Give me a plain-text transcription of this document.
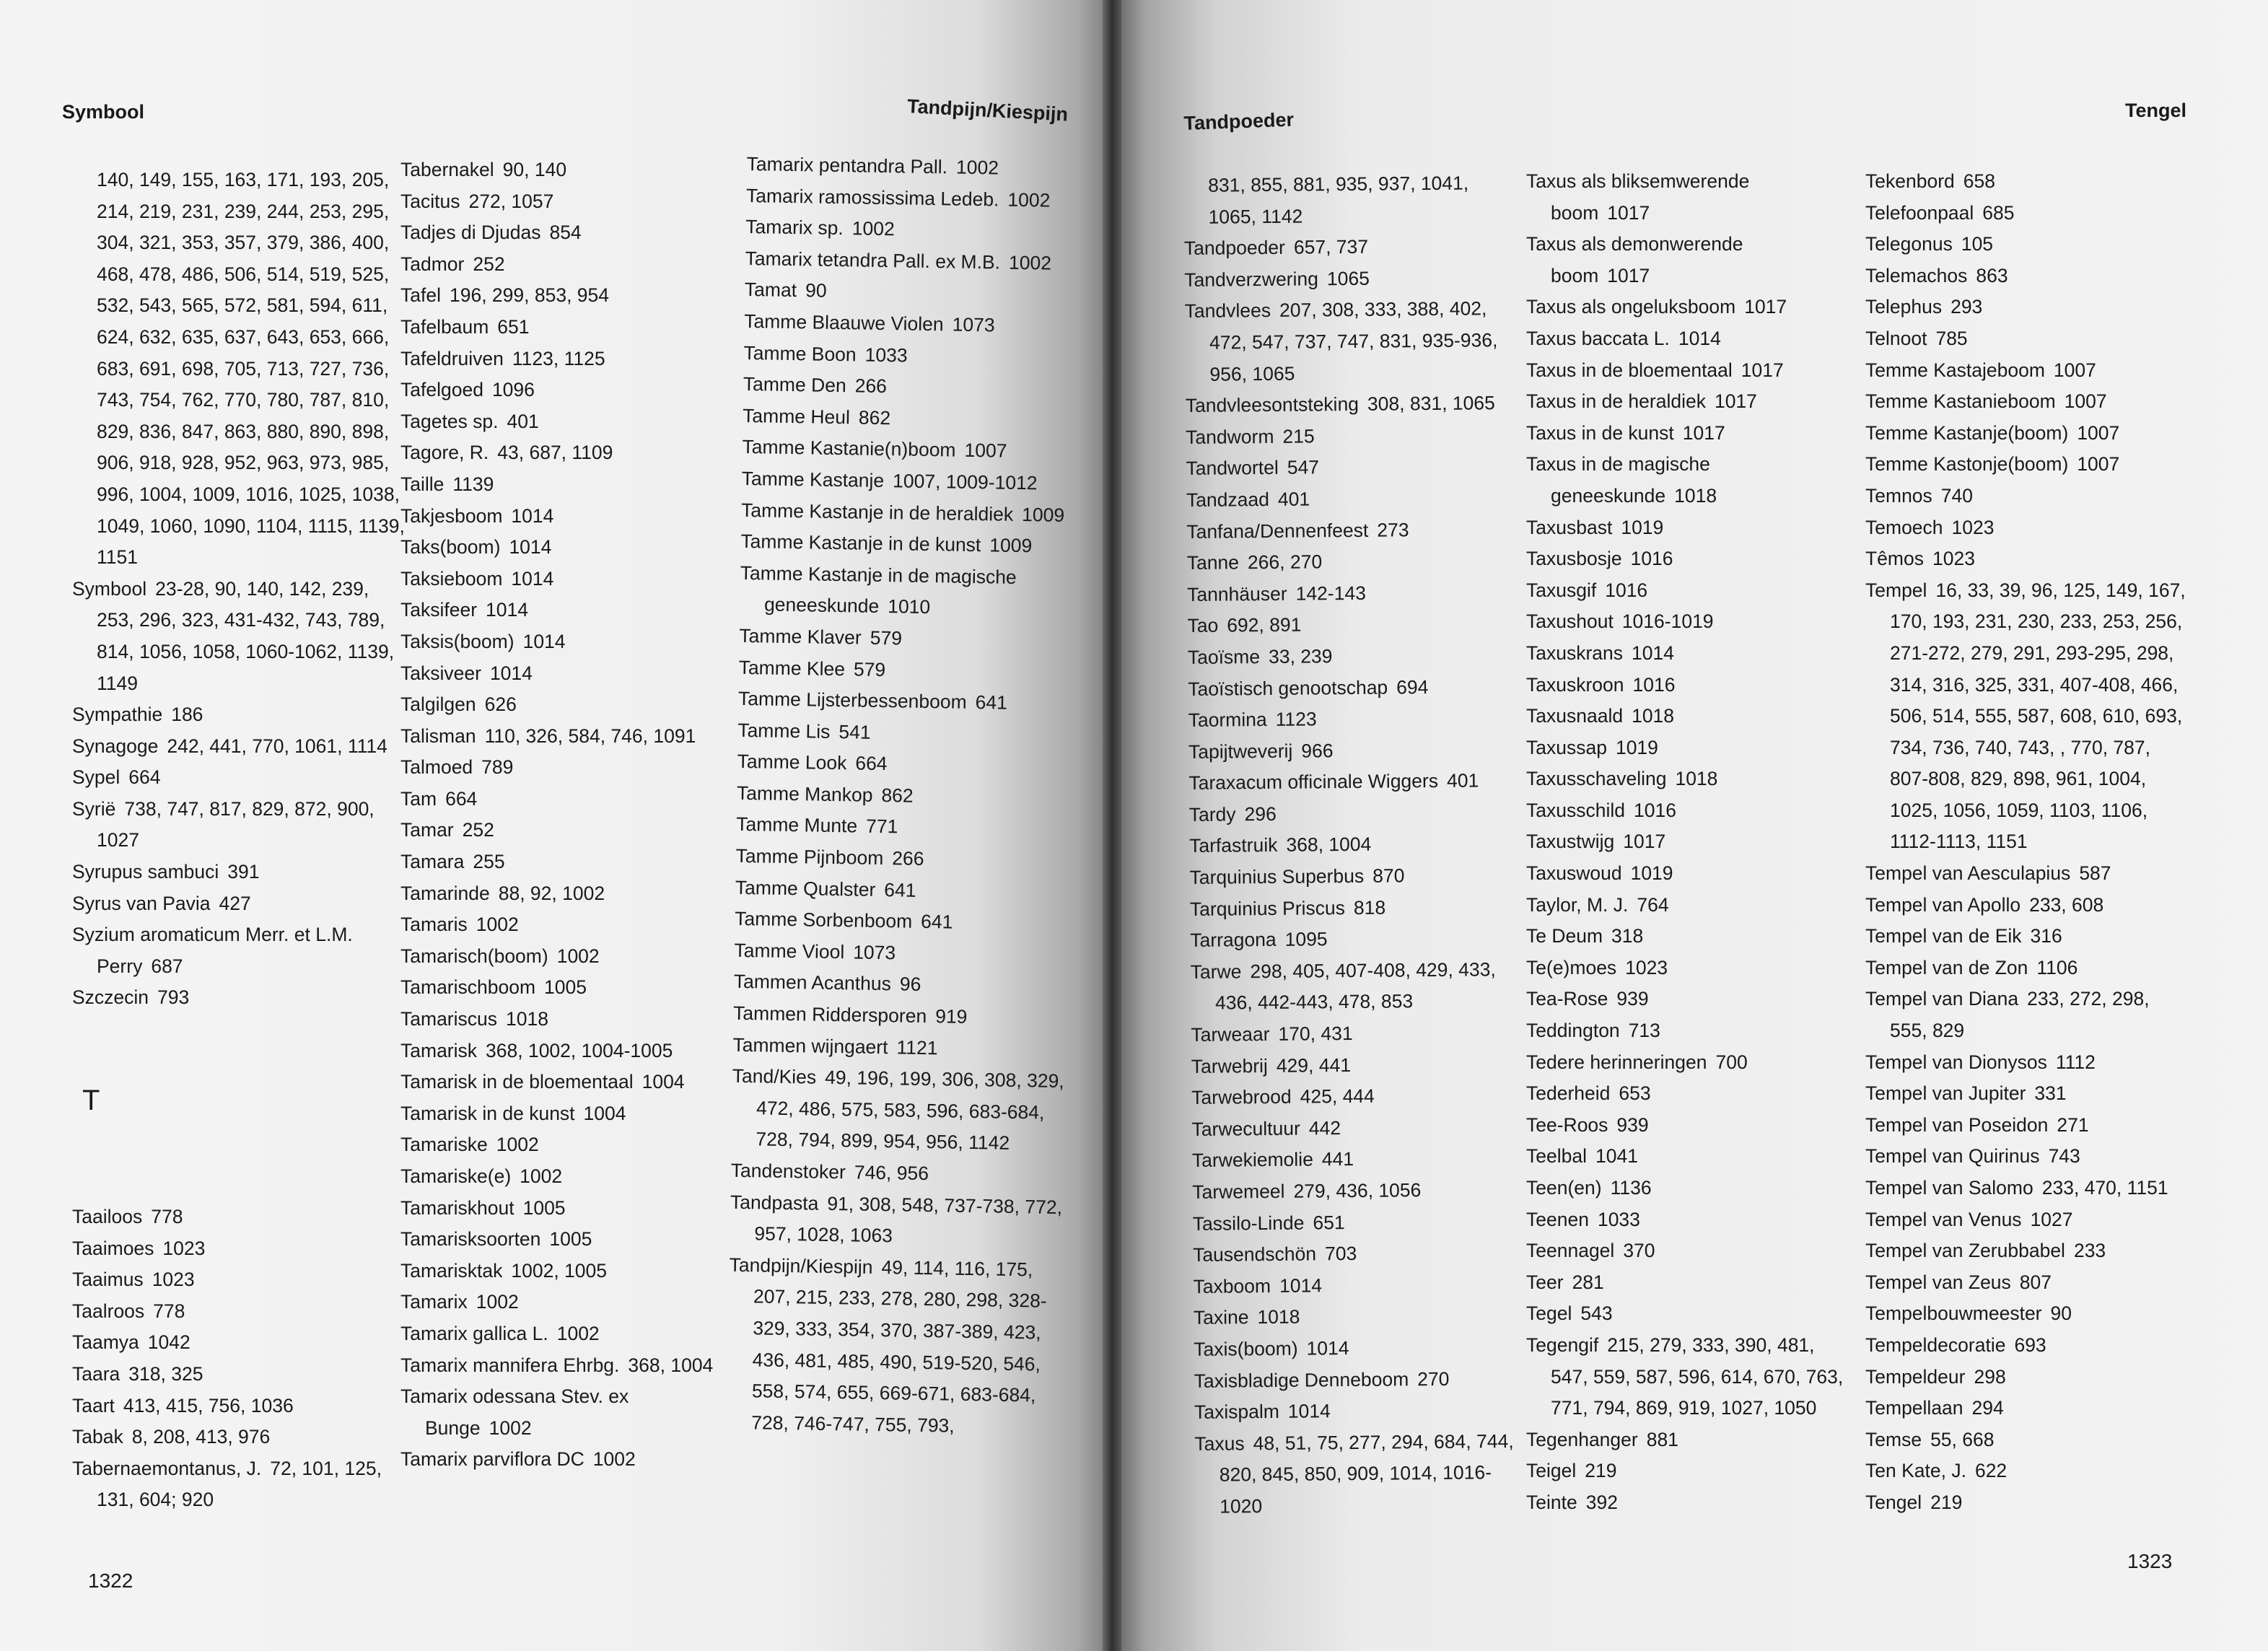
Symbool	Tandpijn/Kiespijn
140, 149, 155, 163, 171, 193, 205, 214, 219, 231, 239, 244, 253, 295, 304, 321, 353, 357, 379, 386, 400, 468, 478, 486, 506, 514, 519, 525, 532, 543, 565, 572, 581, 594, 611, 624, 632, 635, 637, 643, 653, 666, 683, 691, 698, 705, 713, 727, 736, 743, 754, 762, 770, 780, 787, 810, 829, 836, 847, 863, 880, 890, 898, 906, 918, 928, 952, 963, 973, 985, 996, 1004, 1009, 1016, 1025, 1038, 1049, 1060, 1090, 1104, 1115, 1139, 1151
Symbool 23-28, 90, 140, 142, 239, 253, 296, 323, 431-432, 743, 789, 814, 1056, 1058, 1060-1062, 1139, 1149
Sympathie 186
Synagoge 242, 441, 770, 1061, 1114
Sypel 664
Syrië 738, 747, 817, 829, 872, 900, 1027
Syrupus sambuci 391
Syrus van Pavia 427
Syzium aromaticum Merr. et L.M. Perry 687
Szczecin 793
T
Taailoos 778
Taaimoes 1023
Taaimus 1023
Taalroos 778
Taamya 1042
Taara 318, 325
Taart 413, 415, 756, 1036
Tabak 8, 208, 413, 976
Tabernaemontanus, J. 72, 101, 125, 131, 604; 920
Tabernakel 90, 140
Tacitus 272, 1057
Tadjes di Djudas 854
Tadmor 252
Tafel 196, 299, 853, 954
Tafelbaum 651
Tafeldruiven 1123, 1125
Tafelgoed 1096
Tagetes sp. 401
Tagore, R. 43, 687, 1109
Taille 1139
Takjesboom 1014
Taks(boom) 1014
Taksieboom 1014
Taksifeer 1014
Taksis(boom) 1014
Taksiveer 1014
Talgilgen 626
Talisman 110, 326, 584, 746, 1091
Talmoed 789
Tam 664
Tamar 252
Tamara 255
Tamarinde 88, 92, 1002
Tamaris 1002
Tamarisch(boom) 1002
Tamarischboom 1005
Tamariscus 1018
Tamarisk 368, 1002, 1004-1005
Tamarisk in de bloementaal 1004
Tamarisk in de kunst 1004
Tamariske 1002
Tamariske(e) 1002
Tamariskhout 1005
Tamarisksoorten 1005
Tamarisktak 1002, 1005
Tamarix 1002
Tamarix gallica L. 1002
Tamarix mannifera Ehrbg. 368, 1004
Tamarix odessana Stev. ex Bunge 1002
Tamarix parviflora DC 1002
Tamarix pentandra Pall. 1002
Tamarix ramossissima Ledeb. 1002
Tamarix sp. 1002
Tamarix tetandra Pall. ex M.B. 1002
Tamat 90
Tamme Blaauwe Violen 1073
Tamme Boon 1033
Tamme Den 266
Tamme Heul 862
Tamme Kastanie(n)boom 1007
Tamme Kastanje 1007, 1009-1012
Tamme Kastanje in de heraldiek 1009
Tamme Kastanje in de kunst 1009
Tamme Kastanje in de magische geneeskunde 1010
Tamme Klaver 579
Tamme Klee 579
Tamme Lijsterbessenboom 641
Tamme Lis 541
Tamme Look 664
Tamme Mankop 862
Tamme Munte 771
Tamme Pijnboom 266
Tamme Qualster 641
Tamme Sorbenboom 641
Tamme Viool 1073
Tammen Acanthus 96
Tammen Riddersporen 919
Tammen wijngaert 1121
Tand/Kies 49, 196, 199, 306, 308, 329, 472, 486, 575, 583, 596, 683-684, 728, 794, 899, 954, 956, 1142
Tandenstoker 746, 956
Tandpasta 91, 308, 548, 737-738, 772, 957, 1028, 1063
Tandpijn/Kiespijn 49, 114, 116, 175, 207, 215, 233, 278, 280, 298, 328-329, 333, 354, 370, 387-389, 423, 436, 481, 485, 490, 519-520, 546, 558, 574, 655, 669-671, 683-684, 728, 746-747, 755, 793,
1322
Tandpoeder	Tengel
1323
831, 855, 881, 935, 937, 1041, 1065, 1142
Tandpoeder 657, 737
Tandverzwering 1065
Tandvlees 207, 308, 333, 388, 402, 472, 547, 737, 747, 831, 935-936, 956, 1065
Tandvleesontsteking 308, 831, 1065
Tandworm 215
Tandwortel 547
Tandzaad 401
Tanfana/Dennenfeest 273
Tanne 266, 270
Tannhäuser 142-143
Tao 692, 891
Taoïsme 33, 239
Taoïstisch genootschap 694
Taormina 1123
Tapijtweverij 966
Taraxacum officinale Wiggers 401
Tardy 296
Tarfastruik 368, 1004
Tarquinius Superbus 870
Tarquinius Priscus 818
Tarragona 1095
Tarwe 298, 405, 407-408, 429, 433, 436, 442-443, 478, 853
Tarweaar 170, 431
Tarwebrij 429, 441
Tarwebrood 425, 444
Tarwecultuur 442
Tarwekiemolie 441
Tarwemeel 279, 436, 1056
Tassilo-Linde 651
Tausendschön 703
Taxboom 1014
Taxine 1018
Taxis(boom) 1014
Taxisbladige Denneboom 270
Taxispalm 1014
Taxus 48, 51, 75, 277, 294, 684, 744, 820, 845, 850, 909, 1014, 1016-1020
Taxus als bliksemwerende boom 1017
Taxus als demonwerende boom 1017
Taxus als ongeluksboom 1017
Taxus baccata L. 1014
Taxus in de bloementaal 1017
Taxus in de heraldiek 1017
Taxus in de kunst 1017
Taxus in de magische geneeskunde 1018
Taxusbast 1019
Taxusbosje 1016
Taxusgif 1016
Taxushout 1016-1019
Taxuskrans 1014
Taxuskroon 1016
Taxusnaald 1018
Taxussap 1019
Taxusschaveling 1018
Taxusschild 1016
Taxustwijg 1017
Taxuswoud 1019
Taylor, M. J. 764
Te Deum 318
Te(e)moes 1023
Tea-Rose 939
Teddington 713
Tedere herinneringen 700
Tederheid 653
Tee-Roos 939
Teelbal 1041
Teen(en) 1136
Teenen 1033
Teennagel 370
Teer 281
Tegel 543
Tegengif 215, 279, 333, 390, 481, 547, 559, 587, 596, 614, 670, 763, 771, 794, 869, 919, 1027, 1050
Tegenhanger 881
Teigel 219
Teinte 392
Tekenbord 658
Telefoonpaal 685
Telegonus 105
Telemachos 863
Telephus 293
Telnoot 785
Temme Kastajeboom 1007
Temme Kastanieboom 1007
Temme Kastanje(boom) 1007
Temme Kastonje(boom) 1007
Temnos 740
Temoech 1023
Têmos 1023
Tempel 16, 33, 39, 96, 125, 149, 167, 170, 193, 231, 230, 233, 253, 256, 271-272, 279, 291, 293-295, 298, 314, 316, 325, 331, 407-408, 466, 506, 514, 555, 587, 608, 610, 693, 734, 736, 740, 743, , 770, 787, 807-808, 829, 898, 961, 1004, 1025, 1056, 1059, 1103, 1106, 1112-1113, 1151
Tempel van Aesculapius 587
Tempel van Apollo 233, 608
Tempel van de Eik 316
Tempel van de Zon 1106
Tempel van Diana 233, 272, 298, 555, 829
Tempel van Dionysos 1112
Tempel van Jupiter 331
Tempel van Poseidon 271
Tempel van Quirinus 743
Tempel van Salomo 233, 470, 1151
Tempel van Venus 1027
Tempel van Zerubbabel 233
Tempel van Zeus 807
Tempelbouwmeester 90
Tempeldecoratie 693
Tempeldeur 298
Tempellaan 294
Temse 55, 668
Ten Kate, J. 622
Tengel 219
